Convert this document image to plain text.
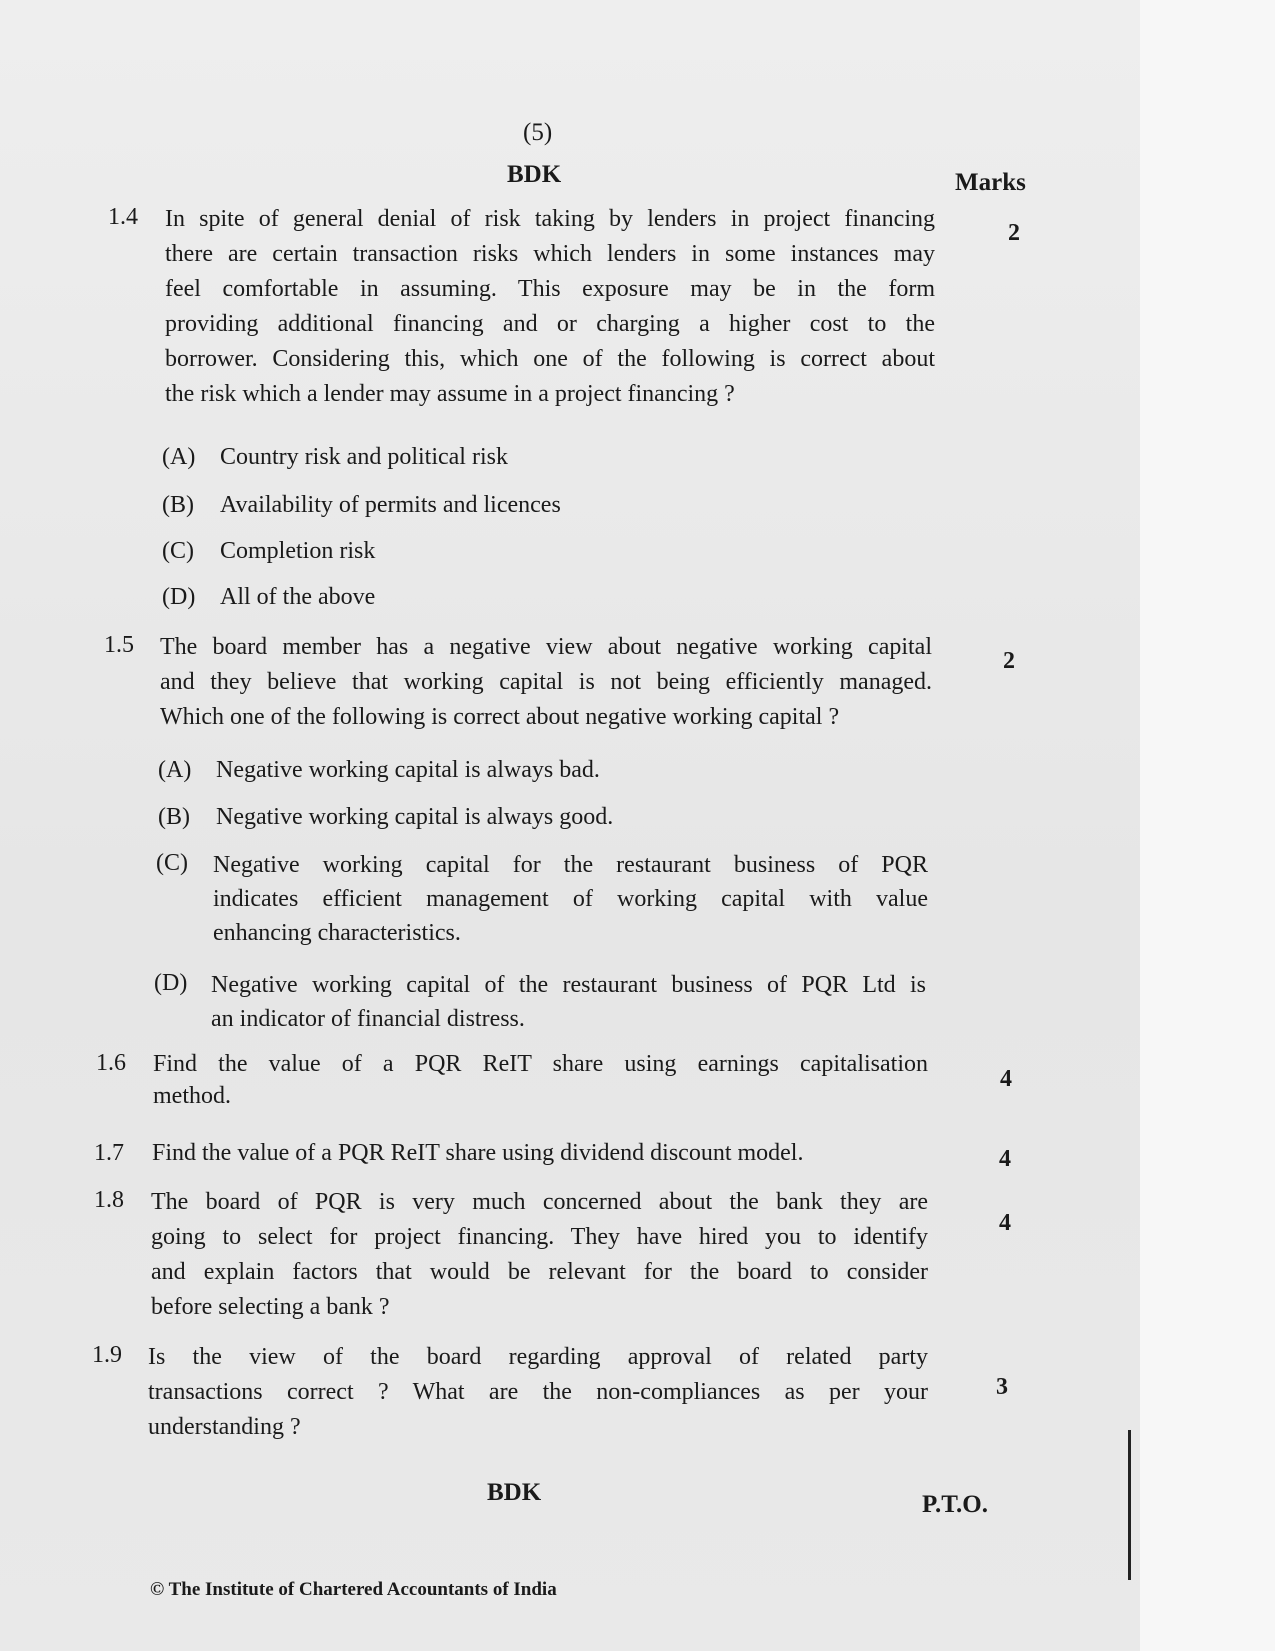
(5)
BDK	Marks
1.4 In spite of general denial of risk taking by lenders in project financing
there are certain transaction risks which lenders in some instances may
feel comfortable in assuming. This exposure may be in the form
providing additional financing and or charging a higher cost to the
borrower. Considering this, which one of the following is correct about
the risk which a lender may assume in a project financing ?
2
(A) Country risk and political risk
(B) Availability of permits and licences
(C) Completion risk
(D) All of the above
1.5 The board member has a negative view about negative working capital
and they believe that working capital is not being efficiently managed.
Which one of the following is correct about negative working capital ?
2
(A) Negative working capital is always bad.
(B) Negative working capital is always good.
(C) Negative working capital for the restaurant business of PQR
indicates efficient management of working capital with value
enhancing characteristics.
(D) Negative working capital of the restaurant business of PQR Ltd is
an indicator of financial distress.
1.6 Find the value of a PQR ReIT share using earnings capitalisation
method.
4
1.7 Find the value of a PQR ReIT share using dividend discount model.	4
1.8 The board of PQR is very much concerned about the bank they are
going to select for project financing. They have hired you to identify
and explain factors that would be relevant for the board to consider
before selecting a bank ?
4
1.9 Is the view of the board regarding approval of related party
transactions correct ? What are the non-compliances as per your
understanding ?
3
BDK	P.T.O.
© The Institute of Chartered Accountants of India
